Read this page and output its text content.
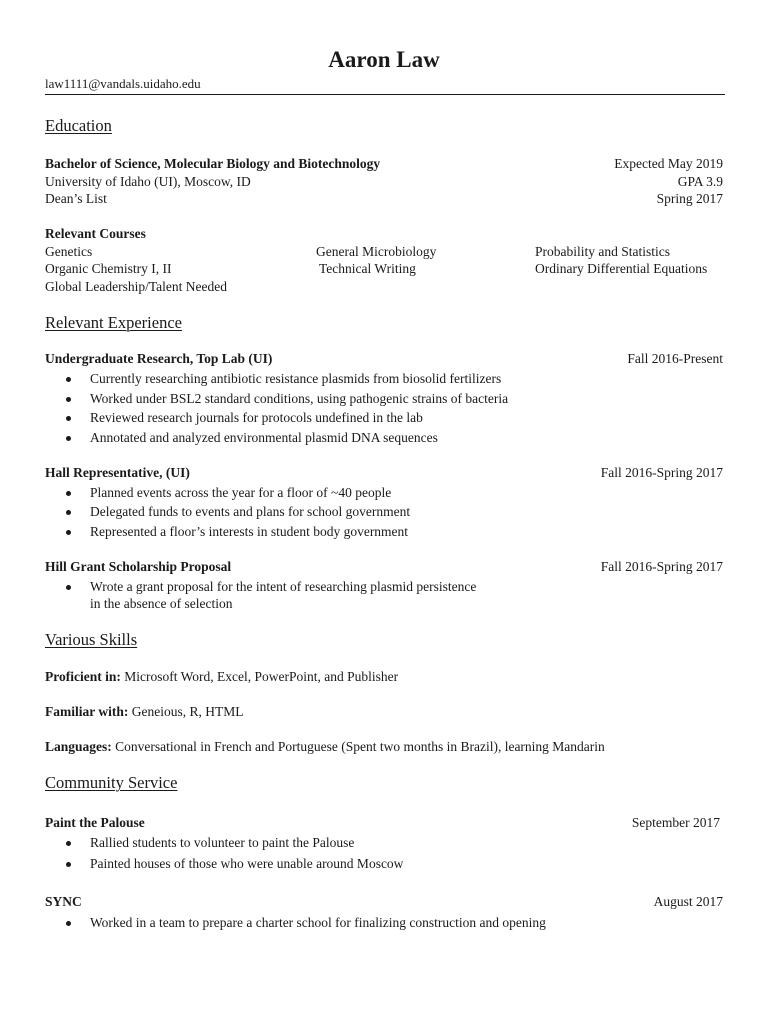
Aaron Law
law1111@vandals.uidaho.edu
Education
Bachelor of Science, Molecular Biology and Biotechnology	Expected May 2019
University of Idaho (UI), Moscow, ID	GPA 3.9
Dean’s List	Spring 2017
Relevant Courses
Genetics	General Microbiology	Probability and Statistics
Organic Chemistry I, II	Technical Writing	Ordinary Differential Equations
Global Leadership/Talent Needed
Relevant Experience
Undergraduate Research, Top Lab (UI)	Fall 2016-Present
Currently researching antibiotic resistance plasmids from biosolid fertilizers
Worked under BSL2 standard conditions, using pathogenic strains of bacteria
Reviewed research journals for protocols undefined in the lab
Annotated and analyzed environmental plasmid DNA sequences
Hall Representative, (UI)	Fall 2016-Spring 2017
Planned events across the year for a floor of ~40 people
Delegated funds to events and plans for school government
Represented a floor’s interests in student body government
Hill Grant Scholarship Proposal	Fall 2016-Spring 2017
Wrote a grant proposal for the intent of researching plasmid persistence
in the absence of selection
Various Skills
Proficient in: Microsoft Word, Excel, PowerPoint, and Publisher
Familiar with: Geneious, R, HTML
Languages: Conversational in French and Portuguese (Spent two months in Brazil), learning Mandarin
Community Service
Paint the Palouse	September 2017
Rallied students to volunteer to paint the Palouse
Painted houses of those who were unable around Moscow
SYNC	August 2017
Worked in a team to prepare a charter school for finalizing construction and opening
